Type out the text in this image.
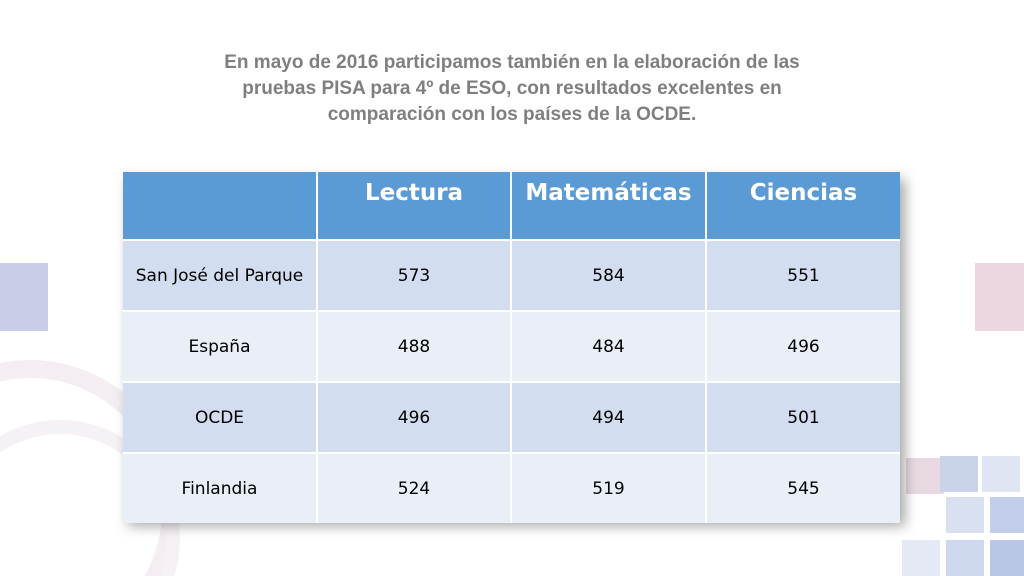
En mayo de 2016 participamos también en la elaboración de las
pruebas PISA para 4º de ESO, con resultados excelentes en
comparación con los países de la OCDE.
	Lectura	Matemáticas	Ciencias
San José del Parque	573	584	551
España	488	484	496
OCDE	496	494	501
Finlandia	524	519	545
